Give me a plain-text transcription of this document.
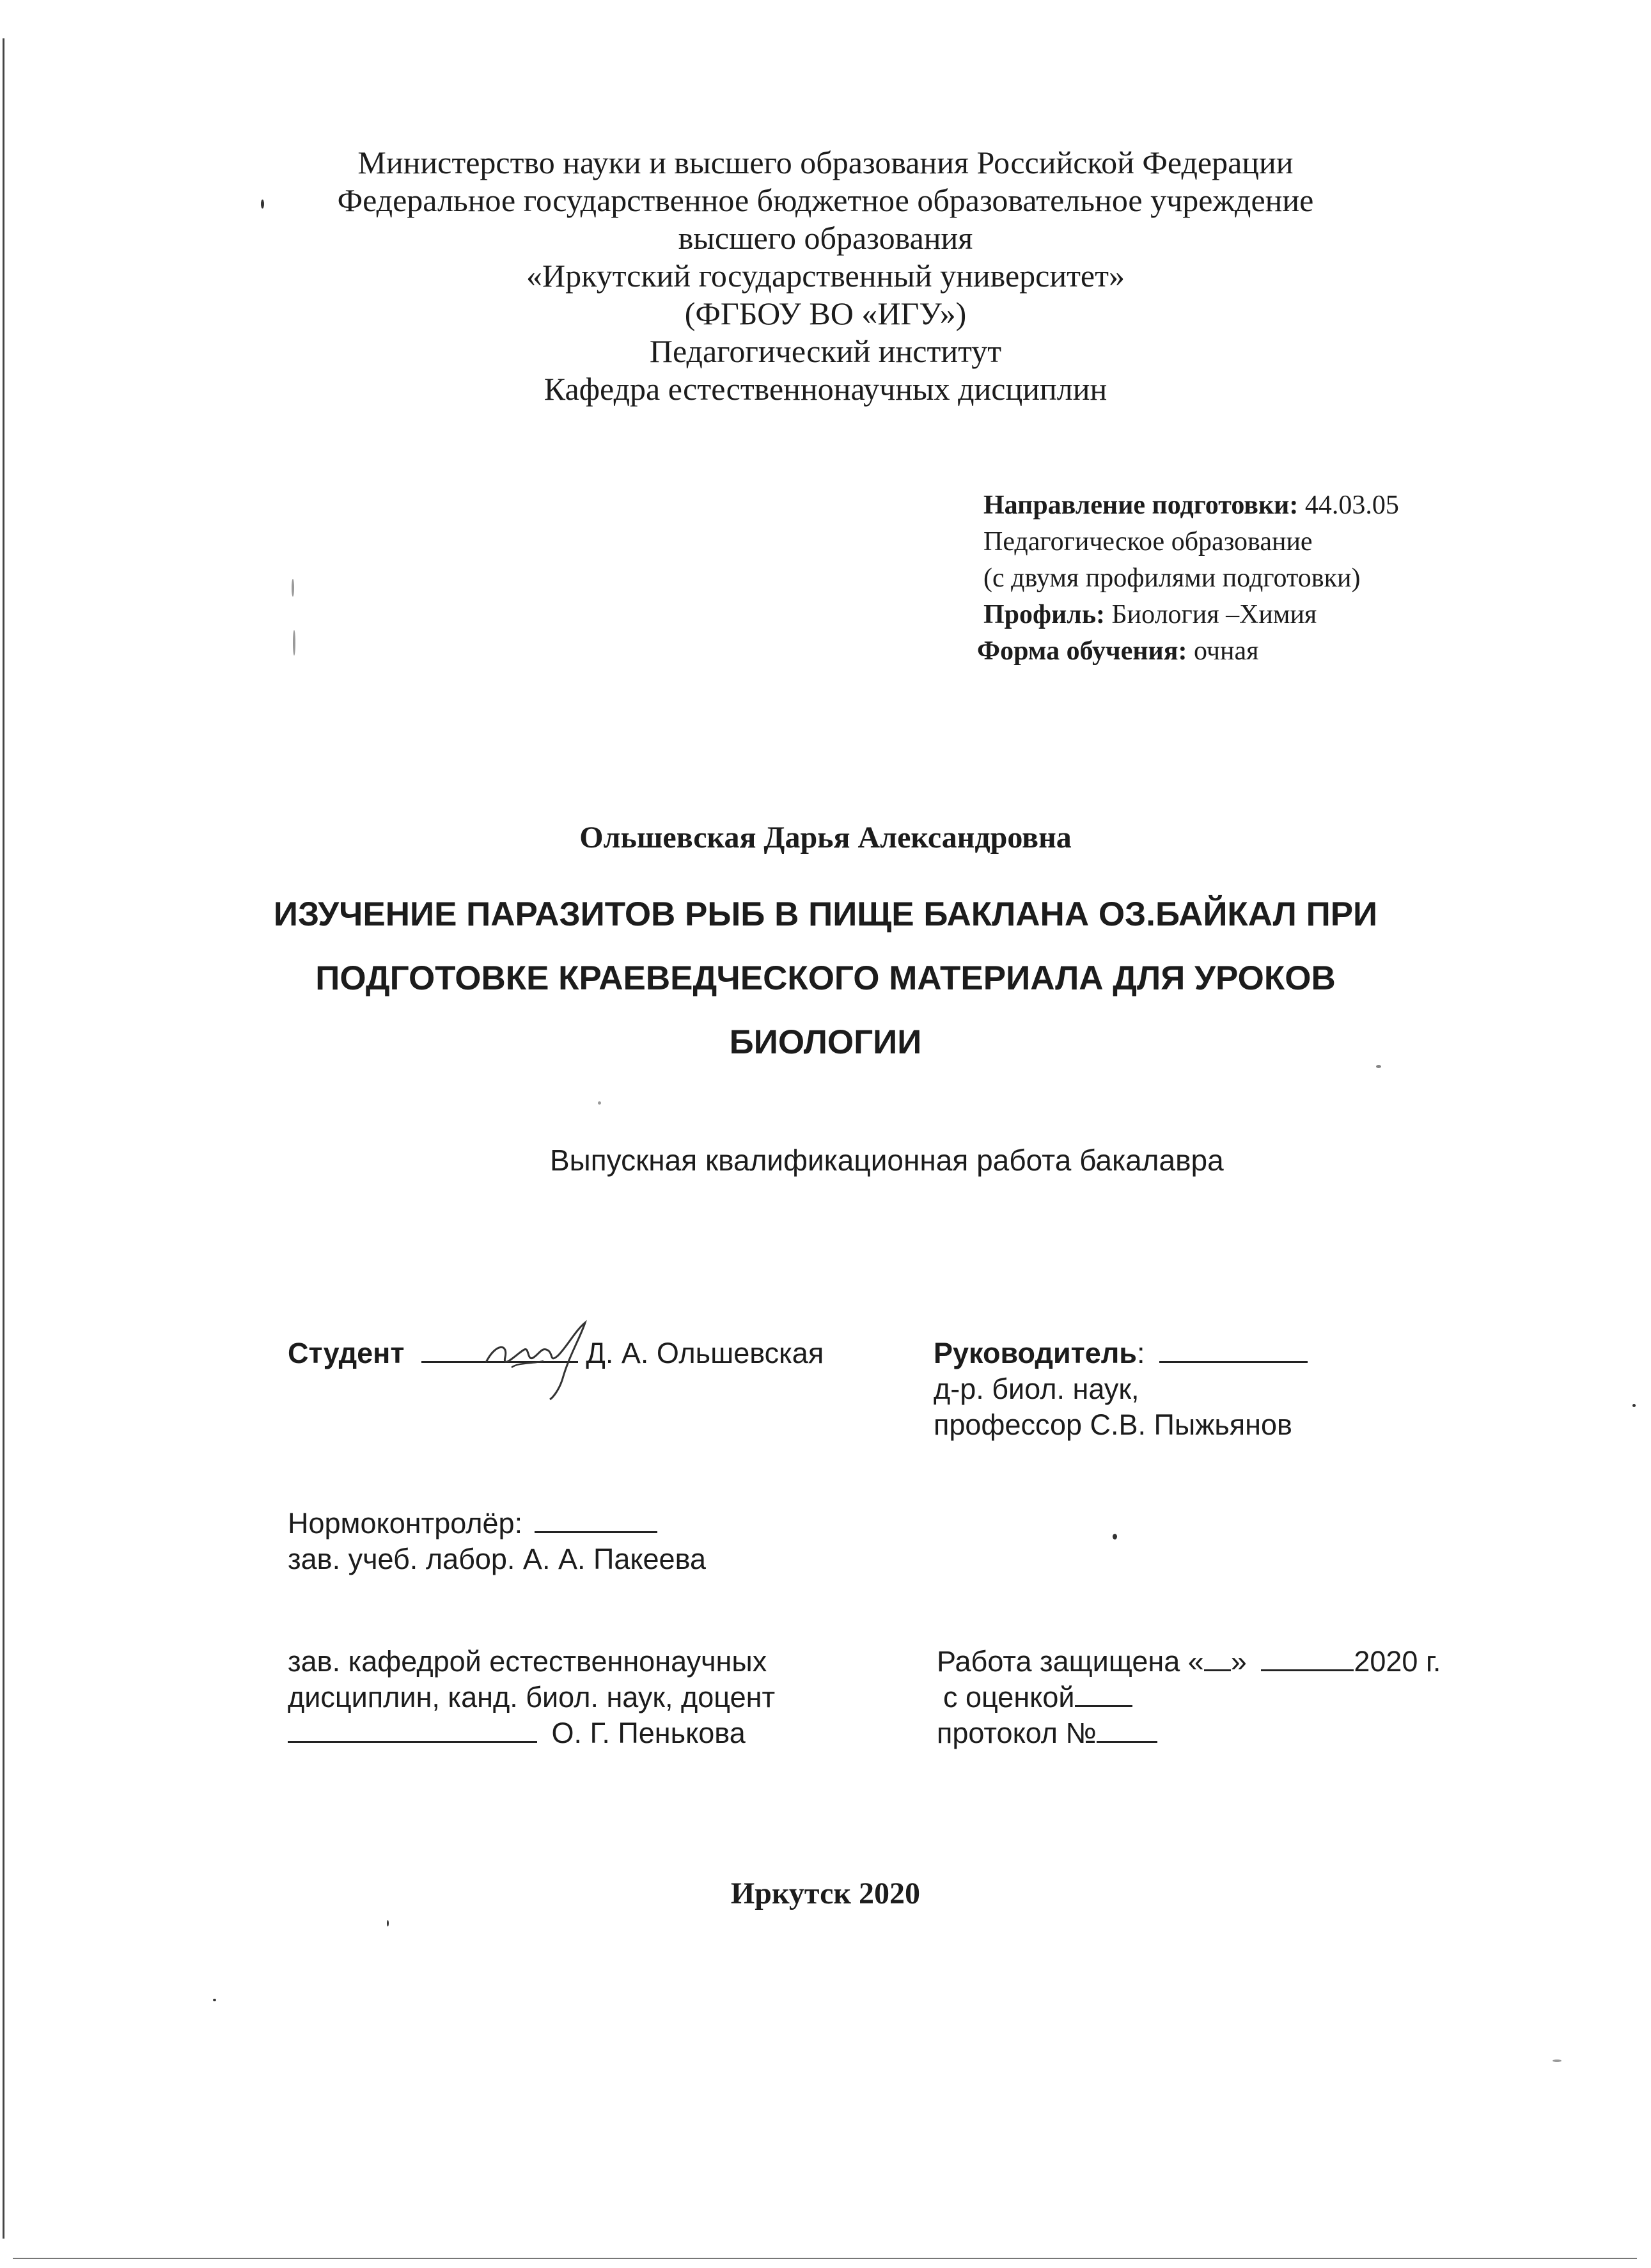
Министерство науки и высшего образования Российской Федерации
Федеральное государственное бюджетное образовательное учреждение
высшего образования
«Иркутский государственный университет»
(ФГБОУ ВО «ИГУ»)
Педагогический институт
Кафедра естественнонаучных дисциплин
Направление подготовки: 44.03.05
Педагогическое образование
(с двумя профилями подготовки)
Профиль: Биология –Химия
Форма обучения: очная
Ольшевская Дарья Александровна
ИЗУЧЕНИЕ ПАРАЗИТОВ РЫБ В ПИЩЕ БАКЛАНА ОЗ.БАЙКАЛ ПРИ
ПОДГОТОВКЕ КРАЕВЕДЧЕСКОГО МАТЕРИАЛА ДЛЯ УРОКОВ
БИОЛОГИИ
Выпускная квалификационная работа бакалавра
Студент	Д. А. Ольшевская	Руководитель:
д-р. биол. наук,
профессор С.В. Пыжьянов
Нормоконтролёр:
зав. учеб. лабор. А. А. Пакеева
зав. кафедрой естественнонаучных
дисциплин, канд. биол. наук, доцент
О. Г. Пенькова
Работа защищена « »	2020 г.
с оценкой
протокол №
Иркутск 2020
